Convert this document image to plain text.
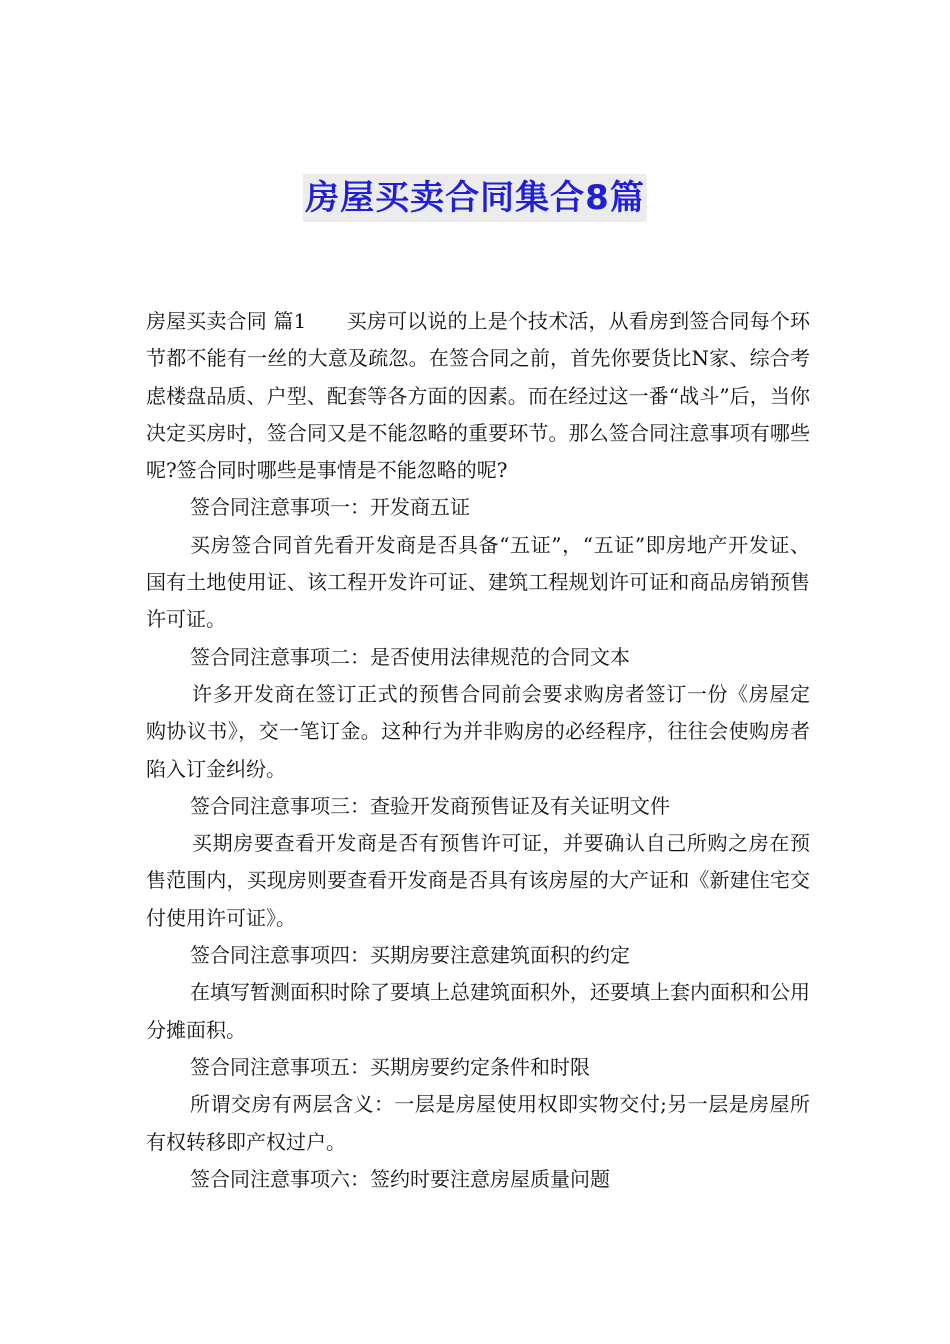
房屋买卖合同集合8篇

房屋买卖合同 篇1　　买房可以说的上是个技术活，从看房到签合同每个环节都不能有一丝的大意及疏忽。在签合同之前，首先你要货比N家、综合考虑楼盘品质、户型、配套等各方面的因素。而在经过这一番“战斗”后，当你决定买房时，签合同又是不能忽略的重要环节。那么签合同注意事项有哪些呢?签合同时哪些是事情是不能忽略的呢?

签合同注意事项一：开发商五证

买房签合同首先看开发商是否具备“五证”，“五证”即房地产开发证、国有土地使用证、该工程开发许可证、建筑工程规划许可证和商品房销预售许可证。

签合同注意事项二：是否使用法律规范的合同文本

许多开发商在签订正式的预售合同前会要求购房者签订一份《房屋定购协议书》，交一笔订金。这种行为并非购房的必经程序，往往会使购房者陷入订金纠纷。

签合同注意事项三：查验开发商预售证及有关证明文件

买期房要查看开发商是否有预售许可证，并要确认自己所购之房在预售范围内，买现房则要查看开发商是否具有该房屋的大产证和《新建住宅交付使用许可证》。

签合同注意事项四：买期房要注意建筑面积的约定

在填写暂测面积时除了要填上总建筑面积外，还要填上套内面积和公用分摊面积。

签合同注意事项五：买期房要约定条件和时限

所谓交房有两层含义：一层是房屋使用权即实物交付;另一层是房屋所有权转移即产权过户。

签合同注意事项六：签约时要注意房屋质量问题
